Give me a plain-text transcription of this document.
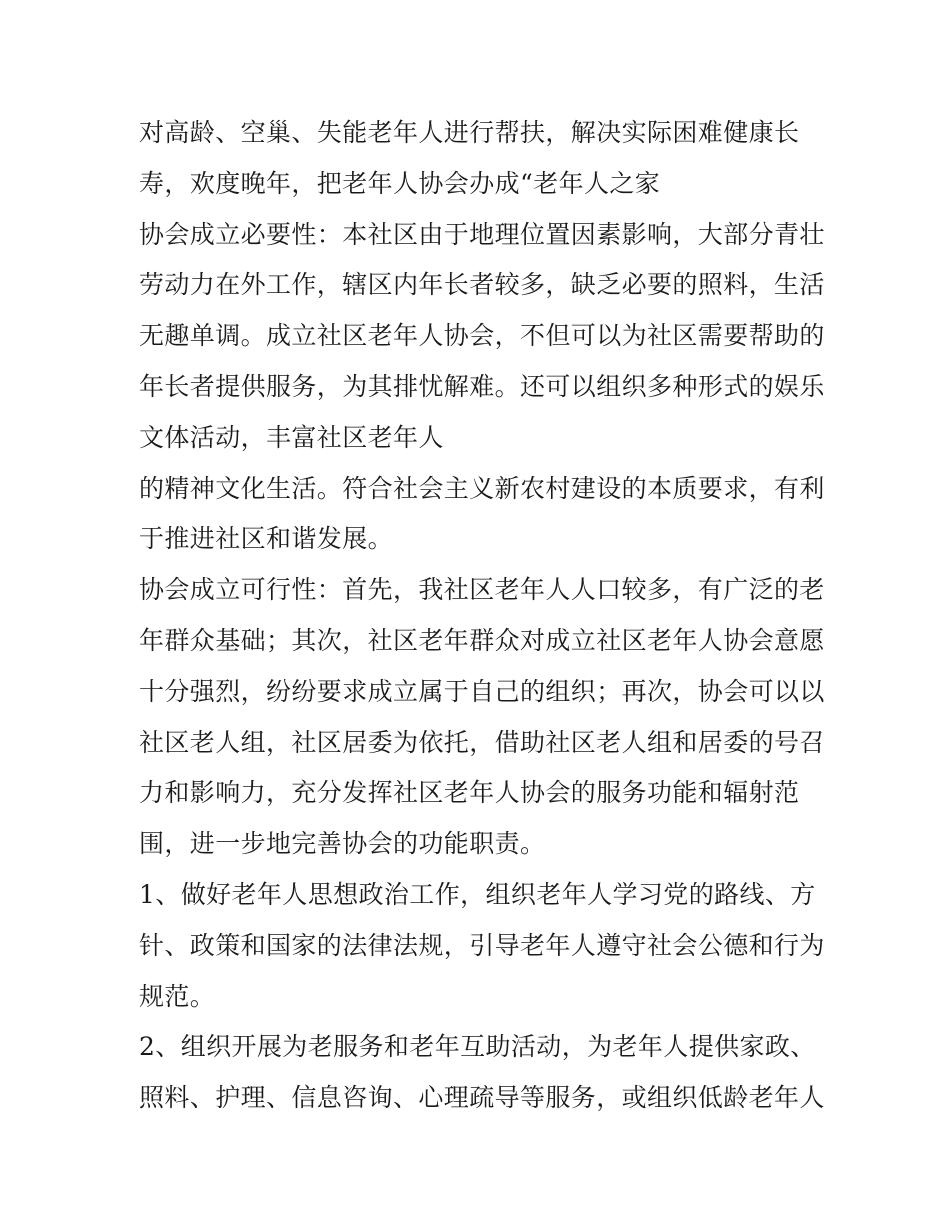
对高龄、空巢、失能老年人进行帮扶，解决实际困难健康长
寿，欢度晚年，把老年人协会办成“老年人之家
协会成立必要性：本社区由于地理位置因素影响，大部分青壮
劳动力在外工作，辖区内年长者较多，缺乏必要的照料，生活
无趣单调。成立社区老年人协会，不但可以为社区需要帮助的
年长者提供服务，为其排忧解难。还可以组织多种形式的娱乐
文体活动，丰富社区老年人
的精神文化生活。符合社会主义新农村建设的本质要求，有利
于推进社区和谐发展。
协会成立可行性：首先，我社区老年人人口较多，有广泛的老
年群众基础；其次，社区老年群众对成立社区老年人协会意愿
十分强烈，纷纷要求成立属于自己的组织；再次，协会可以以
社区老人组，社区居委为依托，借助社区老人组和居委的号召
力和影响力，充分发挥社区老年人协会的服务功能和辐射范
围，进一步地完善协会的功能职责。
1、做好老年人思想政治工作，组织老年人学习党的路线、方
针、政策和国家的法律法规，引导老年人遵守社会公德和行为
规范。
2、组织开展为老服务和老年互助活动，为老年人提供家政、
照料、护理、信息咨询、心理疏导等服务，或组织低龄老年人
